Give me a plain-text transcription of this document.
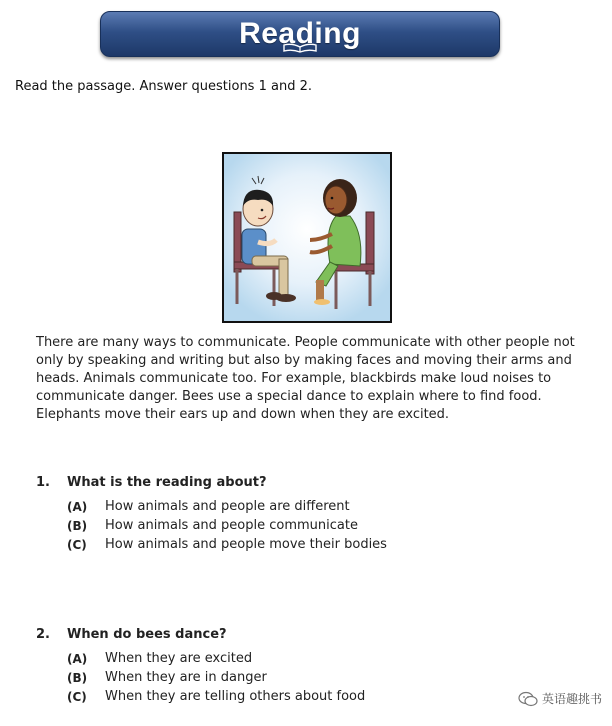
Reading
Read the passage. Answer questions 1 and 2.
There are many ways to communicate. People communicate with other people not only by speaking and writing but also by making faces and moving their arms and heads. Animals communicate too. For example, blackbirds make loud noises to communicate danger. Bees use a special dance to explain where to find food. Elephants move their ears up and down when they are excited.
1.	What is the reading about?
(A)	How animals and people are different
(B)	How animals and people communicate
(C)	How animals and people move their bodies
2.	When do bees dance?
(A)	When they are excited
(B)	When they are in danger
(C)	When they are telling others about food	英语趣挑书
